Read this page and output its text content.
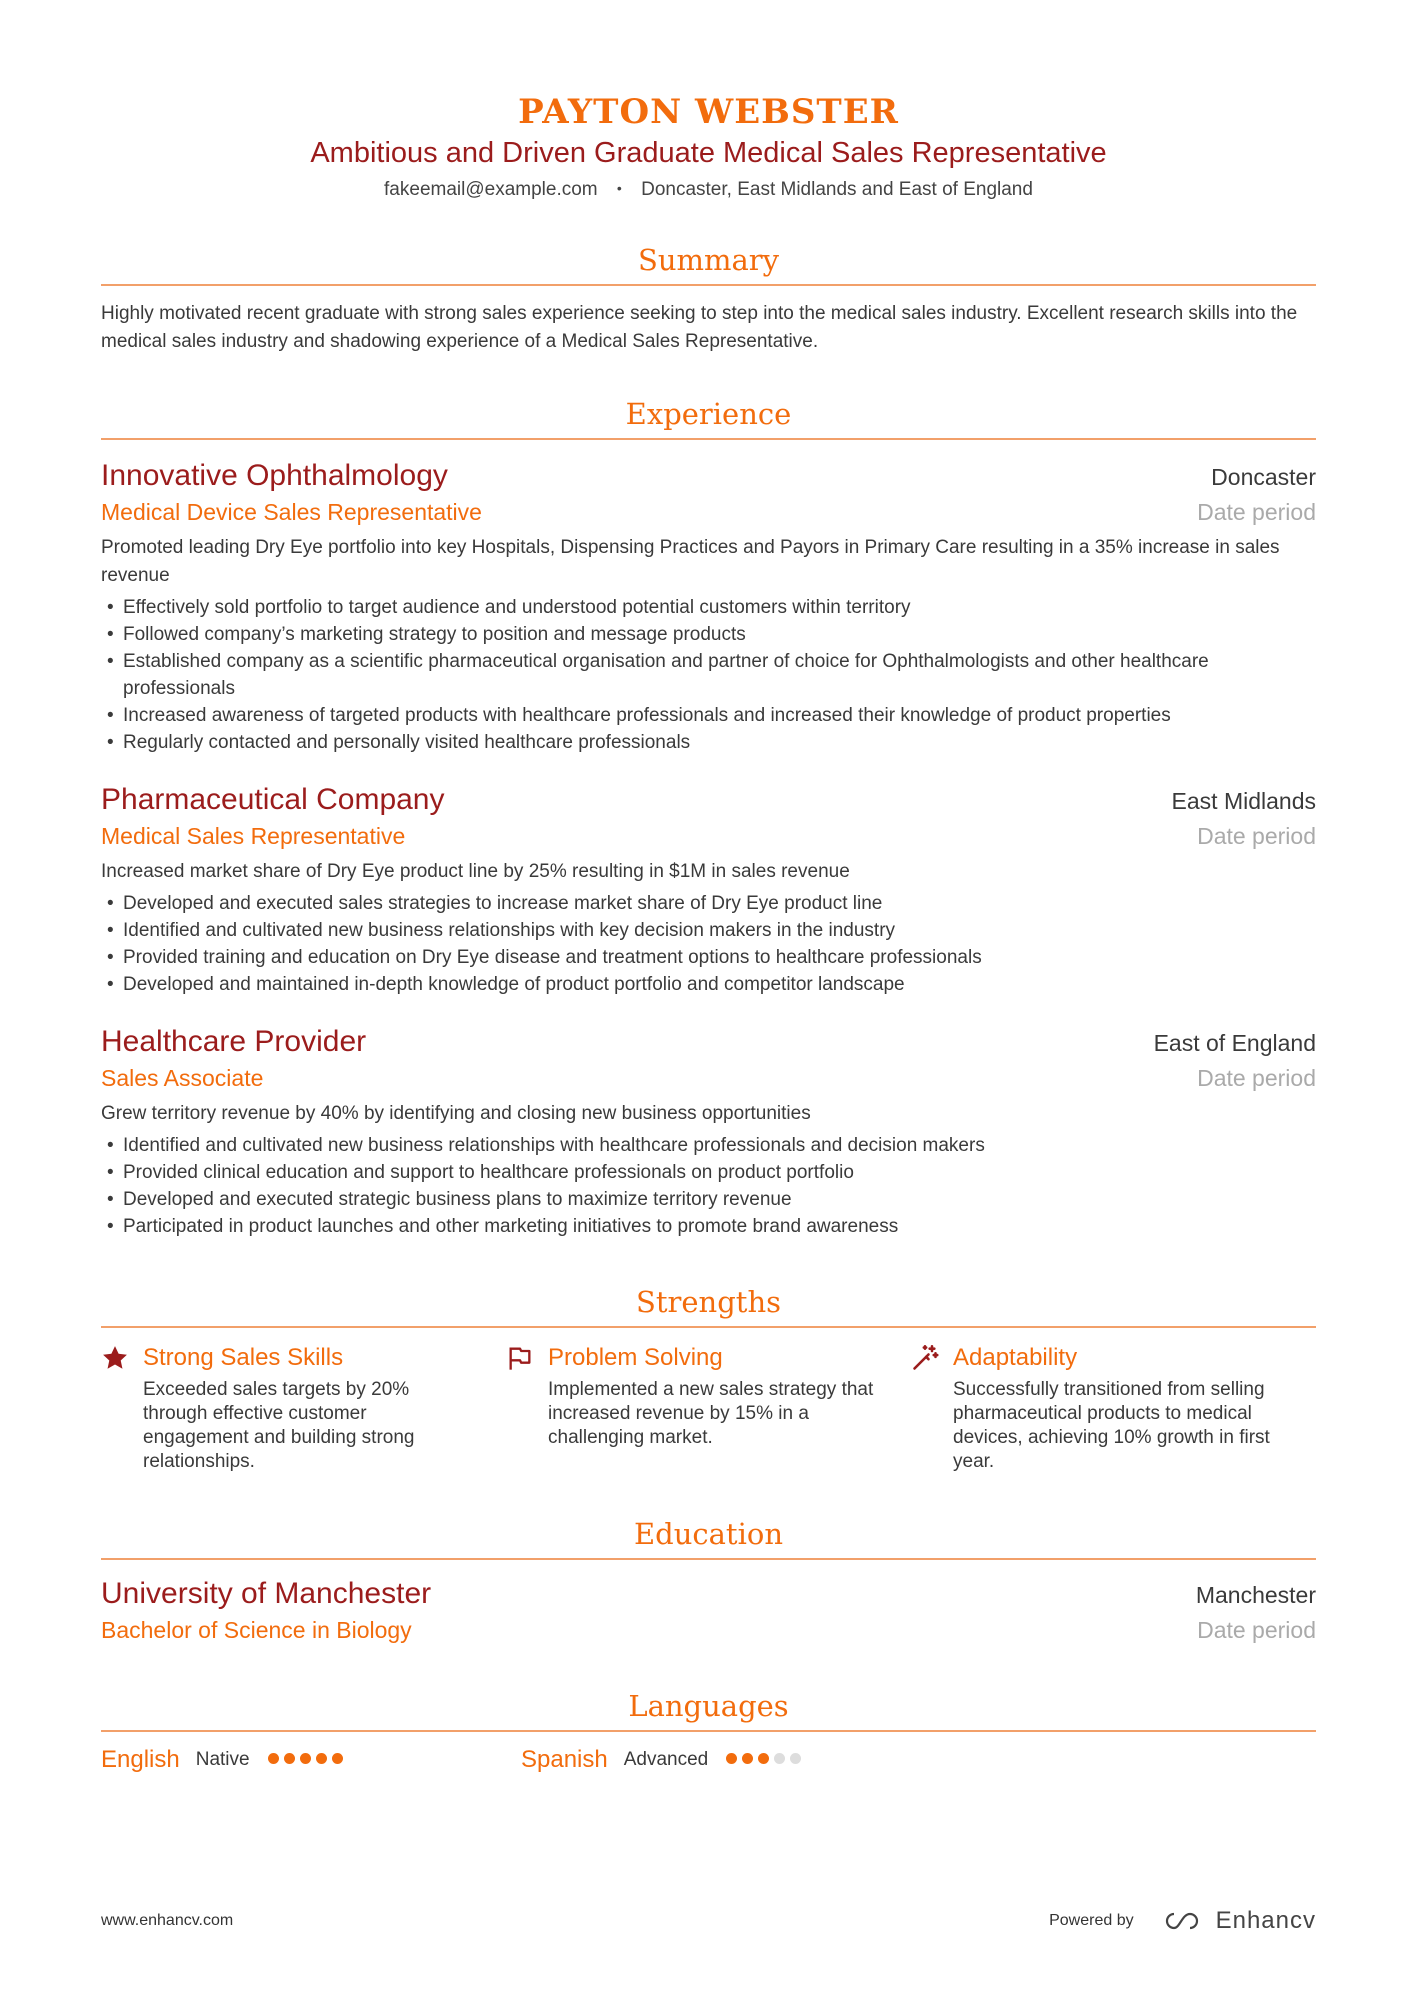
PAYTON WEBSTER
Ambitious and Driven Graduate Medical Sales Representative
fakeemail@example.com • Doncaster, East Midlands and East of England
Summary
Highly motivated recent graduate with strong sales experience seeking to step into the medical sales industry. Excellent research skills into the medical sales industry and shadowing experience of a Medical Sales Representative.
Experience
Innovative Ophthalmology	Doncaster
Medical Device Sales Representative	Date period
Promoted leading Dry Eye portfolio into key Hospitals, Dispensing Practices and Payors in Primary Care resulting in a 35% increase in sales revenue
• Effectively sold portfolio to target audience and understood potential customers within territory
• Followed company’s marketing strategy to position and message products
• Established company as a scientific pharmaceutical organisation and partner of choice for Ophthalmologists and other healthcare professionals
• Increased awareness of targeted products with healthcare professionals and increased their knowledge of product properties
• Regularly contacted and personally visited healthcare professionals
Pharmaceutical Company	East Midlands
Medical Sales Representative	Date period
Increased market share of Dry Eye product line by 25% resulting in $1M in sales revenue
• Developed and executed sales strategies to increase market share of Dry Eye product line
• Identified and cultivated new business relationships with key decision makers in the industry
• Provided training and education on Dry Eye disease and treatment options to healthcare professionals
• Developed and maintained in-depth knowledge of product portfolio and competitor landscape
Healthcare Provider	East of England
Sales Associate	Date period
Grew territory revenue by 40% by identifying and closing new business opportunities
• Identified and cultivated new business relationships with healthcare professionals and decision makers
• Provided clinical education and support to healthcare professionals on product portfolio
• Developed and executed strategic business plans to maximize territory revenue
• Participated in product launches and other marketing initiatives to promote brand awareness
Strengths
Strong Sales Skills
Exceeded sales targets by 20% through effective customer engagement and building strong relationships.
Problem Solving
Implemented a new sales strategy that increased revenue by 15% in a challenging market.
Adaptability
Successfully transitioned from selling pharmaceutical products to medical devices, achieving 10% growth in first year.
Education
University of Manchester	Manchester
Bachelor of Science in Biology	Date period
Languages
English Native	Spanish Advanced
www.enhancv.com	Powered by	Enhancv
